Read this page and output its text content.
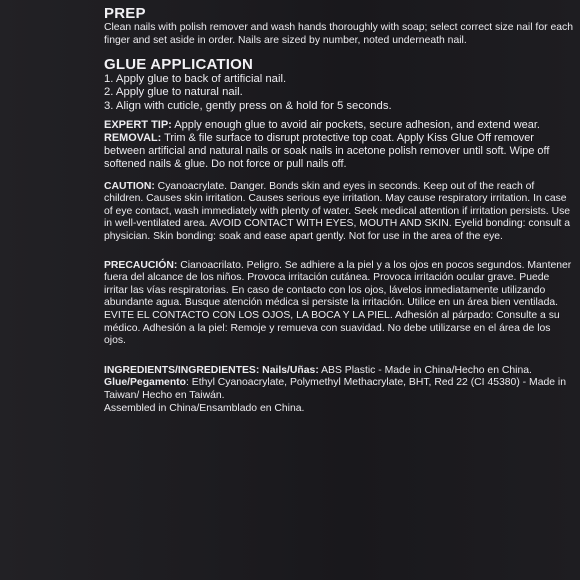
PREP

Clean nails with polish remover and wash hands thoroughly with soap; select correct size nail for each finger and set aside in order. Nails are sized by number, noted underneath nail.

GLUE APPLICATION
1. Apply glue to back of artificial nail.
2. Apply glue to natural nail.
3. Align with cuticle, gently press on & hold for 5 seconds.

EXPERT TIP: Apply enough glue to avoid air pockets, secure adhesion, and extend wear.

REMOVAL: Trim & file surface to disrupt protective top coat. Apply Kiss Glue Off remover between artificial and natural nails or soak nails in acetone polish remover until soft. Wipe off softened nails & glue. Do not force or pull nails off.

CAUTION: Cyanoacrylate. Danger. Bonds skin and eyes in seconds. Keep out of the reach of children. Causes skin irritation. Causes serious eye irritation. May cause respiratory irritation. In case of eye contact, wash immediately with plenty of water. Seek medical attention if irritation persists. Use in well-ventilated area. AVOID CONTACT WITH EYES, MOUTH AND SKIN. Eyelid bonding: consult a physician. Skin bonding: soak and ease apart gently. Not for use in the area of the eye.

PRECAUCIÓN: Cianoacrilato. Peligro. Se adhiere a la piel y a los ojos en pocos segundos. Mantener fuera del alcance de los niños. Provoca irritación cutánea. Provoca irritación ocular grave. Puede irritar las vías respiratorias. En caso de contacto con los ojos, lávelos inmediatamente utilizando abundante agua. Busque atención médica si persiste la irritación. Utilice en un área bien ventilada. EVITE EL CONTACTO CON LOS OJOS, LA BOCA Y LA PIEL. Adhesión al párpado: Consulte a su médico. Adhesión a la piel: Remoje y remueva con suavidad. No debe utilizarse en el área de los ojos.

INGREDIENTS/INGREDIENTES: Nails/Uñas: ABS Plastic - Made in China/Hecho en China. Glue/Pegamento: Ethyl Cyanoacrylate, Polymethyl Methacrylate, BHT, Red 22 (CI 45380) - Made in Taiwan/ Hecho en Taiwán.

Assembled in China/Ensamblado en China.
